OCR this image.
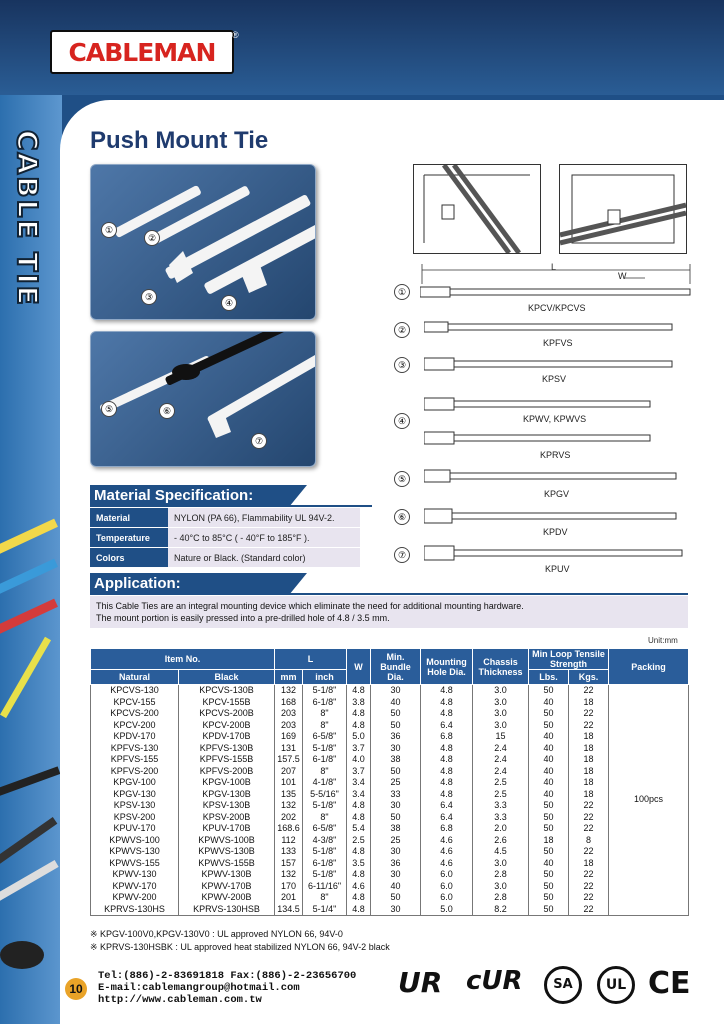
CABLEMAN
®
CABLE TIE Push Mount Tie
①
②
③
④
⑤	⑥
⑦
L
W
①
KPCV/KPCVS
②
KPFVS
③
KPSV
④	KPWV, KPWVS
KPRVS
⑤
KPGV
⑥
KPDV
⑦
KPUV
Material Specification:
Material	NYLON (PA 66), Flammability UL 94V-2.
Temperature	- 40°C to 85°C ( - 40°F to 185°F ).
Colors	Nature or Black. (Standard color)
Application:
This Cable Ties are an integral mounting device which eliminate the need for additional mounting hardware.
The mount portion is easily pressed into a pre-drilled hole of 4.8 / 3.5 mm.
Unit:mm
Item No.		L		W	Min. Bundle Dia.	Mounting Hole Dia.	Chassis Thickness	Min Loop Tensile Strength		Packing
Natural	Black	mm	inch					Lbs.	Kgs.	
KPCVS-130	KPCVS-130B	132	5-1/8"	4.8	30	4.8	3.0	50	22	100pcs
KPCV-155	KPCV-155B	168	6-1/8"	3.8	40	4.8	3.0	40	18	
KPCVS-200	KPCVS-200B	203	8"	4.8	50	4.8	3.0	50	22	
KPCV-200	KPCV-200B	203	8"	4.8	50	6.4	3.0	50	22	
KPDV-170	KPDV-170B	169	6-5/8"	5.0	36	6.8	15	40	18	
KPFVS-130	KPFVS-130B	131	5-1/8"	3.7	30	4.8	2.4	40	18	
KPFVS-155	KPFVS-155B	157.5	6-1/8"	4.0	38	4.8	2.4	40	18	
KPFVS-200	KPFVS-200B	207	8"	3.7	50	4.8	2.4	40	18	
KPGV-100	KPGV-100B	101	4-1/8"	3.4	25	4.8	2.5	40	18	
KPGV-130	KPGV-130B	135	5-5/16"	3.4	33	4.8	2.5	40	18	
KPSV-130	KPSV-130B	132	5-1/8"	4.8	30	6.4	3.3	50	22	
KPSV-200	KPSV-200B	202	8"	4.8	50	6.4	3.3	50	22	
KPUV-170	KPUV-170B	168.6	6-5/8"	5.4	38	6.8	2.0	50	22	
KPWVS-100	KPWVS-100B	112	4-3/8"	2.5	25	4.6	2.6	18	8	
KPWVS-130	KPWVS-130B	133	5-1/8"	4.8	30	4.6	4.5	50	22	
KPWVS-155	KPWVS-155B	157	6-1/8"	3.5	36	4.6	3.0	40	18	
KPWV-130	KPWV-130B	132	5-1/8"	4.8	30	6.0	2.8	50	22	
KPWV-170	KPWV-170B	170	6-11/16"	4.6	40	6.0	3.0	50	22	
KPWV-200	KPWV-200B	201	8"	4.8	50	6.0	2.8	50	22	
KPRVS-130HS	KPRVS-130HSB	134.5	5-1/4"	4.8	30	5.0	8.2	50	22	
※ KPGV-100V0,KPGV-130V0 : UL approved NYLON 66, 94V-0
※ KPRVS-130HSBK : UL approved heat stabilized NYLON 66, 94V-2 black
10
Tel:(886)-2-83691818 Fax:(886)-2-23656700
E-mail:cablemangroup@hotmail.com
http://www.cableman.com.tw
UR cUR	SA	UL CE
